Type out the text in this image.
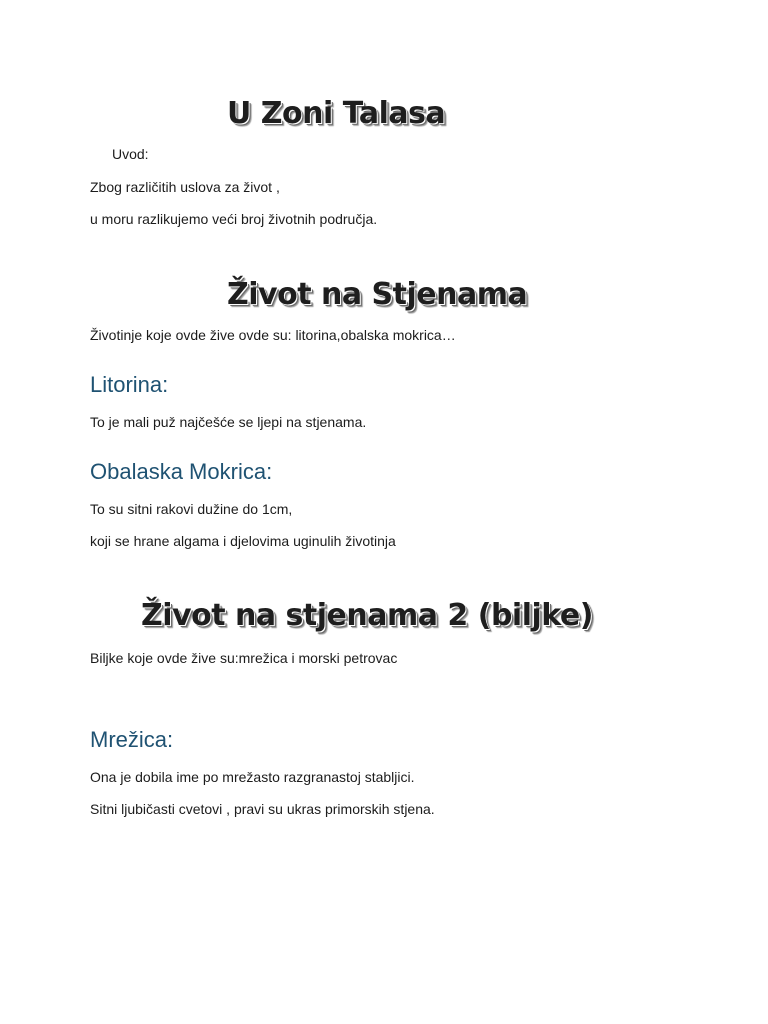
U Zoni Talasa

Uvod:

Zbog različitih uslova za život ,

u moru razlikujemo veći broj životnih područja.

Život na Stjenama

Životinje koje ovde žive ovde su: litorina,obalska mokrica…

Litorina:

To je mali puž najčešće se ljepi na stjenama.

Obalaska Mokrica:

To su sitni rakovi dužine do 1cm,

koji se hrane algama i djelovima uginulih životinja

Život na stjenama 2 (biljke)

Biljke koje ovde žive su:mrežica i morski petrovac

Mrežica:

Ona je dobila ime po mrežasto razgranastoj stabljici.

Sitni ljubičasti cvetovi , pravi su ukras primorskih stjena.
